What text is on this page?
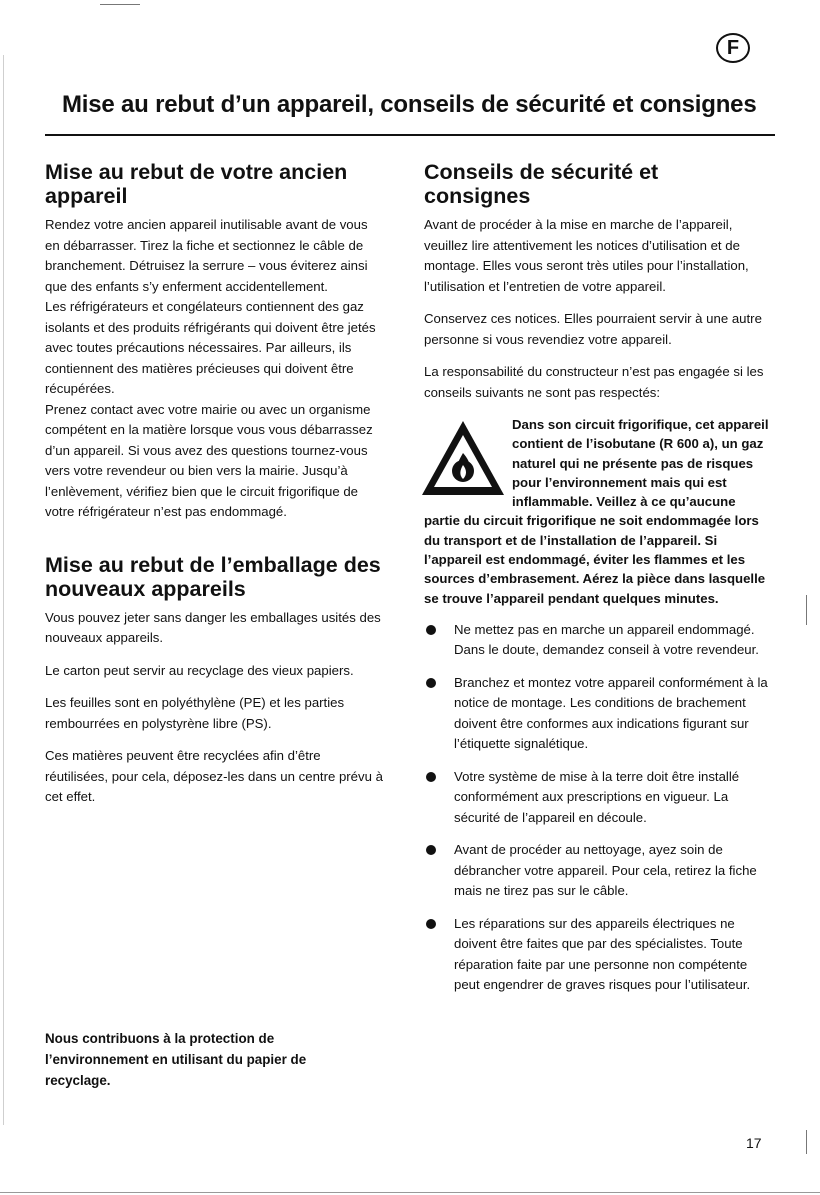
F
Mise au rebut d’un appareil, conseils de sécurité et consignes
Mise au rebut de votre ancien appareil

Rendez votre ancien appareil inutilisable avant de vous en débarrasser. Tirez la fiche et sectionnez le câble de branchement. Détruisez la serrure – vous éviterez ainsi que des enfants s’y enferment accidentellement.

Les réfrigérateurs et congélateurs contiennent des gaz isolants et des produits réfrigérants qui doivent être jetés avec toutes précautions nécessaires. Par ailleurs, ils contiennent des matières précieuses qui doivent être récupérées.

Prenez contact avec votre mairie ou avec un organisme compétent en la matière lorsque vous vous débarrassez d’un appareil. Si vous avez des questions tournez-vous vers votre revendeur ou bien vers la mairie. Jusqu’à l’enlèvement, vérifiez bien que le circuit frigorifique de votre réfrigérateur n’est pas endommagé.

Mise au rebut de l’emballage des nouveaux appareils

Vous pouvez jeter sans danger les emballages usités des nouveaux appareils.

Le carton peut servir au recyclage des vieux papiers.

Les feuilles sont en polyéthylène (PE) et les parties rembourrées en polystyrène libre (PS).

Ces matières peuvent être recyclées afin d’être réutilisées, pour cela, déposez-les dans un centre prévu à cet effet.

Nous contribuons à la protection de l’environnement en utilisant du papier de recyclage.
Conseils de sécurité et consignes

Avant de procéder à la mise en marche de l’appareil, veuillez lire attentivement les notices d’utilisation et de montage. Elles vous seront très utiles pour l’installation, l’utilisation et l’entretien de votre appareil.

Conservez ces notices. Elles pourraient servir à une autre personne si vous revendiez votre appareil.

La responsabilité du constructeur n’est pas engagée si les conseils suivants ne sont pas respectés:

Dans son circuit frigorifique, cet appareil contient de l’isobutane (R 600 a), un gaz naturel qui ne présente pas de risques pour l’environnement mais qui est inflammable. Veillez à ce qu’aucune partie du circuit frigorifique ne soit endommagée lors du transport et de l’installation de l’appareil. Si l’appareil est endommagé, éviter les flammes et les sources d’embrasement. Aérez la pièce dans lasquelle se trouve l’appareil pendant quelques minutes.
Ne mettez pas en marche un appareil endommagé. Dans le doute, demandez conseil à votre revendeur.
Branchez et montez votre appareil conformément à la notice de montage. Les conditions de brachement doivent être conformes aux indications figurant sur l’étiquette signalétique.
Votre système de mise à la terre doit être installé conformément aux prescriptions en vigueur. La sécurité de l’appareil en découle.
Avant de procéder au nettoyage, ayez soin de débrancher votre appareil. Pour cela, retirez la fiche mais ne tirez pas sur le câble.
Les réparations sur des appareils électriques ne doivent être faites que par des spécialistes. Toute réparation faite par une personne non compétente peut engendrer de graves risques pour l’utilisateur.
17
